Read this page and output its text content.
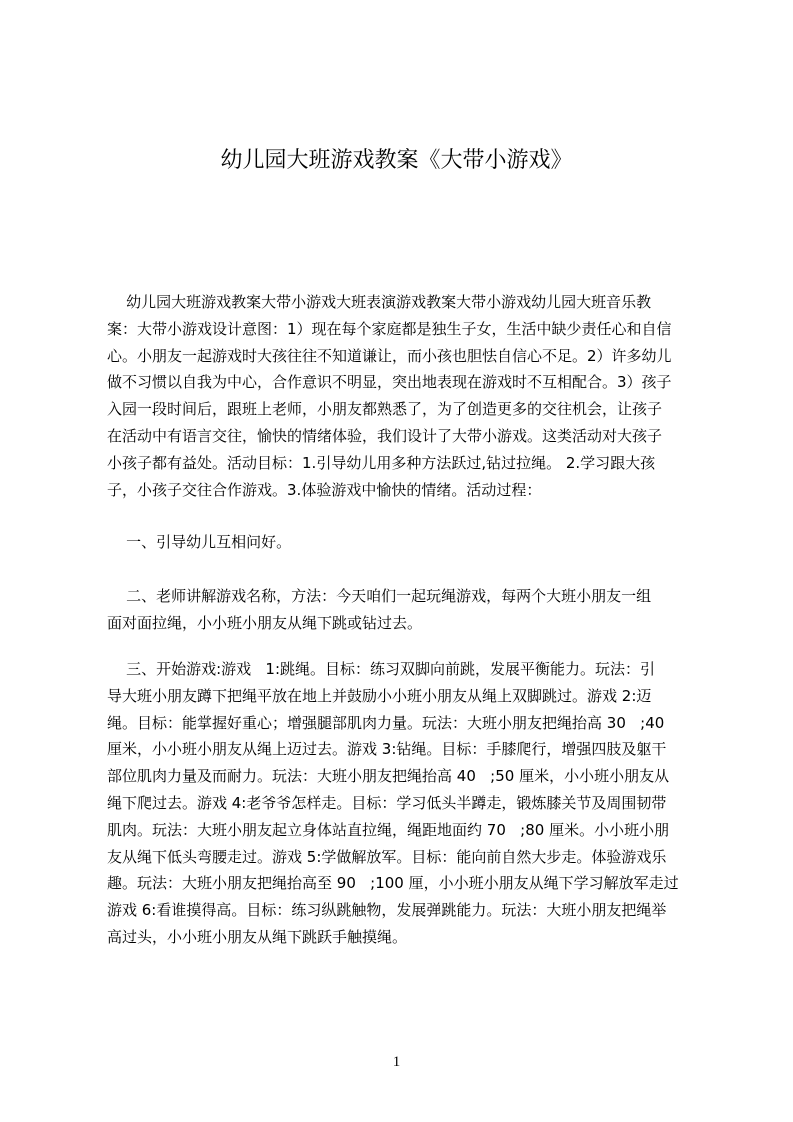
幼儿园大班游戏教案《大带小游戏》
幼儿园大班游戏教案大带小游戏大班表演游戏教案大带小游戏幼儿园大班音乐教
案：大带小游戏设计意图：1）现在每个家庭都是独生子女，生活中缺少责任心和自信
心。小朋友一起游戏时大孩往往不知道谦让，而小孩也胆怯自信心不足。2）许多幼儿
做不习惯以自我为中心，合作意识不明显，突出地表现在游戏时不互相配合。3）孩子
入园一段时间后，跟班上老师，小朋友都熟悉了，为了创造更多的交往机会，让孩子
在活动中有语言交往，愉快的情绪体验，我们设计了大带小游戏。这类活动对大孩子
小孩子都有益处。活动目标：1.引导幼儿用多种方法跃过,钻过拉绳。 2.学习跟大孩
子，小孩子交往合作游戏。3.体验游戏中愉快的情绪。活动过程：
一、引导幼儿互相问好。
二、老师讲解游戏名称，方法：今天咱们一起玩绳游戏，每两个大班小朋友一组
面对面拉绳，小小班小朋友从绳下跳或钻过去。
三、开始游戏:游戏   1:跳绳。目标：练习双脚向前跳，发展平衡能力。玩法：引
导大班小朋友蹲下把绳平放在地上并鼓励小小班小朋友从绳上双脚跳过。游戏 2:迈
绳。目标：能掌握好重心；增强腿部肌肉力量。玩法：大班小朋友把绳抬高 30   ;40
厘米，小小班小朋友从绳上迈过去。游戏 3:钻绳。目标：手膝爬行，增强四肢及躯干
部位肌肉力量及而耐力。玩法：大班小朋友把绳抬高 40   ;50 厘米，小小班小朋友从
绳下爬过去。游戏 4:老爷爷怎样走。目标：学习低头半蹲走，锻炼膝关节及周围韧带
肌肉。玩法：大班小朋友起立身体站直拉绳，绳距地面约 70   ;80 厘米。小小班小朋
友从绳下低头弯腰走过。游戏 5:学做解放军。目标：能向前自然大步走。体验游戏乐
趣。玩法：大班小朋友把绳抬高至 90   ;100 厘，小小班小朋友从绳下学习解放军走过
游戏 6:看谁摸得高。目标：练习纵跳触物，发展弹跳能力。玩法：大班小朋友把绳举
高过头，小小班小朋友从绳下跳跃手触摸绳。
1
